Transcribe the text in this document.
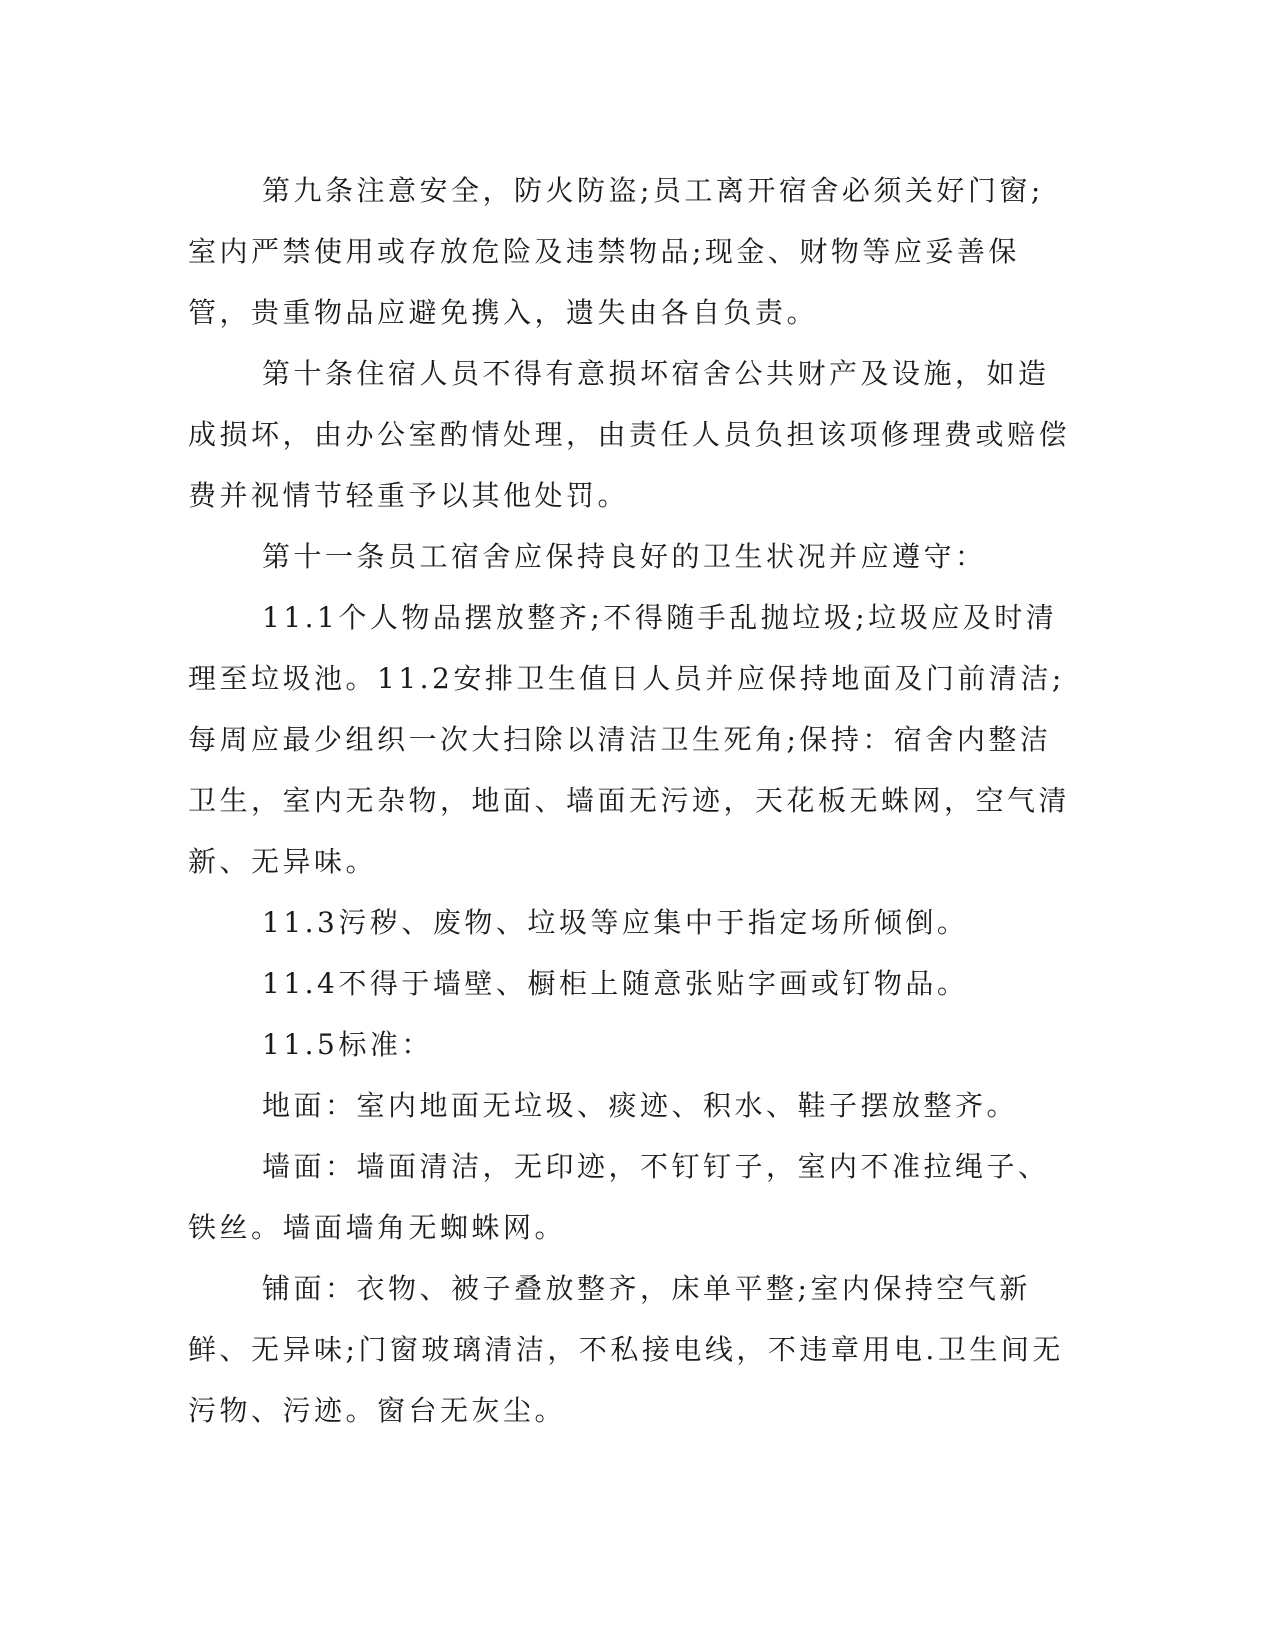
第九条注意安全，防火防盗;员工离开宿舍必须关好门窗;室内严禁使用或存放危险及违禁物品;现金、财物等应妥善保管，贵重物品应避免携入，遗失由各自负责。

第十条住宿人员不得有意损坏宿舍公共财产及设施，如造成损坏，由办公室酌情处理，由责任人员负担该项修理费或赔偿费并视情节轻重予以其他处罚。

第十一条员工宿舍应保持良好的卫生状况并应遵守：

11.1个人物品摆放整齐;不得随手乱抛垃圾;垃圾应及时清理至垃圾池。11.2安排卫生值日人员并应保持地面及门前清洁;每周应最少组织一次大扫除以清洁卫生死角;保持：宿舍内整洁卫生，室内无杂物，地面、墙面无污迹，天花板无蛛网，空气清新、无异味。

11.3污秽、废物、垃圾等应集中于指定场所倾倒。

11.4不得于墙壁、橱柜上随意张贴字画或钉物品。

11.5标准：

地面：室内地面无垃圾、痰迹、积水、鞋子摆放整齐。

墙面：墙面清洁，无印迹，不钉钉子，室内不准拉绳子、铁丝。墙面墙角无蜘蛛网。

铺面：衣物、被子叠放整齐，床单平整;室内保持空气新鲜、无异味;门窗玻璃清洁，不私接电线，不违章用电.卫生间无污物、污迹。窗台无灰尘。
